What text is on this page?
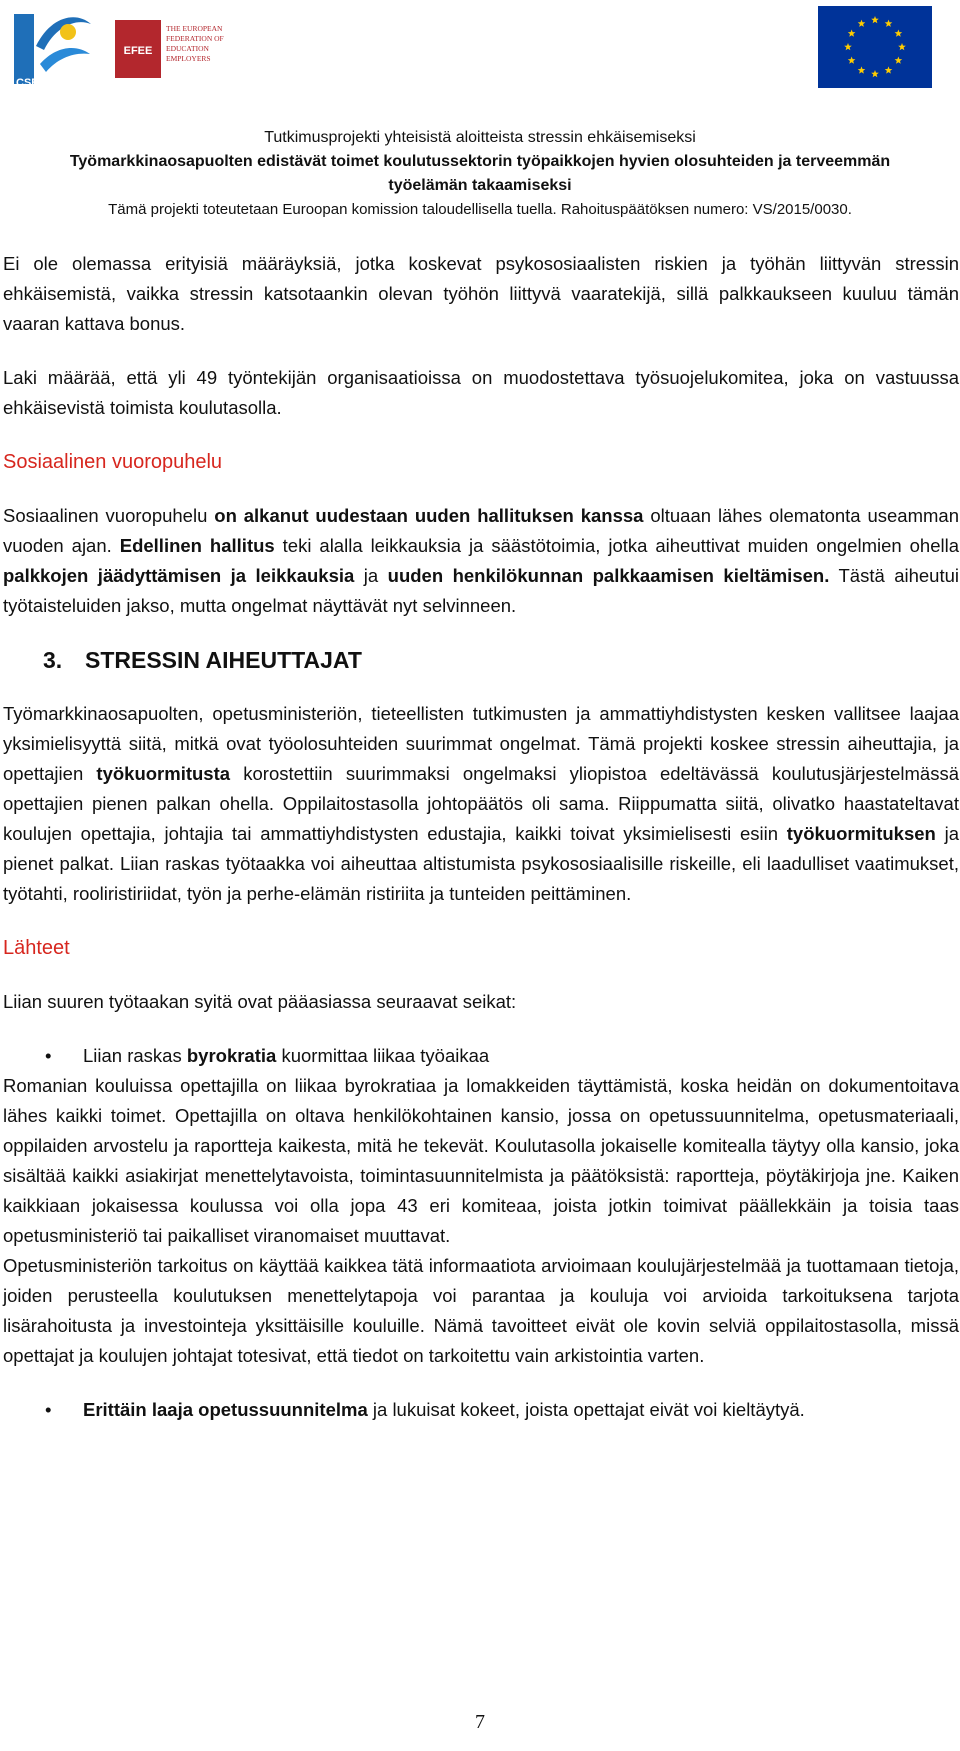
ETUCE
CSEE
EFEE
THE EUROPEAN
FEDERATION OF
EDUCATION
EMPLOYERS
Tutkimusprojekti yhteisistä aloitteista stressin ehkäisemiseksi
Työmarkkinaosapuolten edistävät toimet koulutussektorin työpaikkojen hyvien olosuhteiden ja terveemmän
työelämän takaamiseksi
Tämä projekti toteutetaan Euroopan komission taloudellisella tuella. Rahoituspäätöksen numero: VS/2015/0030.

Ei ole olemassa erityisiä määräyksiä, jotka koskevat psykososiaalisten riskien ja työhän liittyvän stressin ehkäisemistä, vaikka stressin katsotaankin olevan työhön liittyvä vaaratekijä, sillä palkkaukseen kuuluu tämän vaaran kattava bonus.

Laki määrää, että yli 49 työntekijän organisaatioissa on muodostettava työsuojelukomitea, joka on vastuussa ehkäisevistä toimista koulutasolla.

Sosiaalinen vuoropuhelu

Sosiaalinen vuoropuhelu on alkanut uudestaan uuden hallituksen kanssa oltuaan lähes olematonta useamman vuoden ajan. Edellinen hallitus teki alalla leikkauksia ja säästötoimia, jotka aiheuttivat muiden ongelmien ohella palkkojen jäädyttämisen ja leikkauksia ja uuden henkilökunnan palkkaamisen kieltämisen. Tästä aiheutui työtaisteluiden jakso, mutta ongelmat näyttävät nyt selvinneen.

3. STRESSIN AIHEUTTAJAT

Työmarkkinaosapuolten, opetusministeriön, tieteellisten tutkimusten ja ammattiyhdistysten kesken vallitsee laajaa yksimielisyyttä siitä, mitkä ovat työolosuhteiden suurimmat ongelmat. Tämä projekti koskee stressin aiheuttajia, ja opettajien työkuormitusta korostettiin suurimmaksi ongelmaksi yliopistoa edeltävässä koulutusjärjestelmässä opettajien pienen palkan ohella. Oppilaitostasolla johtopäätös oli sama. Riippumatta siitä, olivatko haastateltavat koulujen opettajia, johtajia tai ammattiyhdistysten edustajia, kaikki toivat yksimielisesti esiin työkuormituksen ja pienet palkat. Liian raskas työtaakka voi aiheuttaa altistumista psykososiaalisille riskeille, eli laadulliset vaatimukset, työtahti, rooliristiriidat, työn ja perhe-elämän ristiriita ja tunteiden peittäminen.

Lähteet

Liian suuren työtaakan syitä ovat pääasiassa seuraavat seikat:

• Liian raskas byrokratia kuormittaa liikaa työaikaa

Romanian kouluissa opettajilla on liikaa byrokratiaa ja lomakkeiden täyttämistä, koska heidän on dokumentoitava lähes kaikki toimet. Opettajilla on oltava henkilökohtainen kansio, jossa on opetussuunnitelma, opetusmateriaali, oppilaiden arvostelu ja raportteja kaikesta, mitä he tekevät. Koulutasolla jokaiselle komitealla täytyy olla kansio, joka sisältää kaikki asiakirjat menettelytavoista, toimintasuunnitelmista ja päätöksistä: raportteja, pöytäkirjoja jne. Kaiken kaikkiaan jokaisessa koulussa voi olla jopa 43 eri komiteaa, joista jotkin toimivat päällekkäin ja toisia taas opetusministeriö tai paikalliset viranomaiset muuttavat.

Opetusministeriön tarkoitus on käyttää kaikkea tätä informaatiota arvioimaan koulujärjestelmää ja tuottamaan tietoja, joiden perusteella koulutuksen menettelytapoja voi parantaa ja kouluja voi arvioida tarkoituksena tarjota lisärahoitusta ja investointeja yksittäisille kouluille. Nämä tavoitteet eivät ole kovin selviä oppilaitostasolla, missä opettajat ja koulujen johtajat totesivat, että tiedot on tarkoitettu vain arkistointia varten.

• Erittäin laaja opetussuunnitelma ja lukuisat kokeet, joista opettajat eivät voi kieltäytyä.

7
